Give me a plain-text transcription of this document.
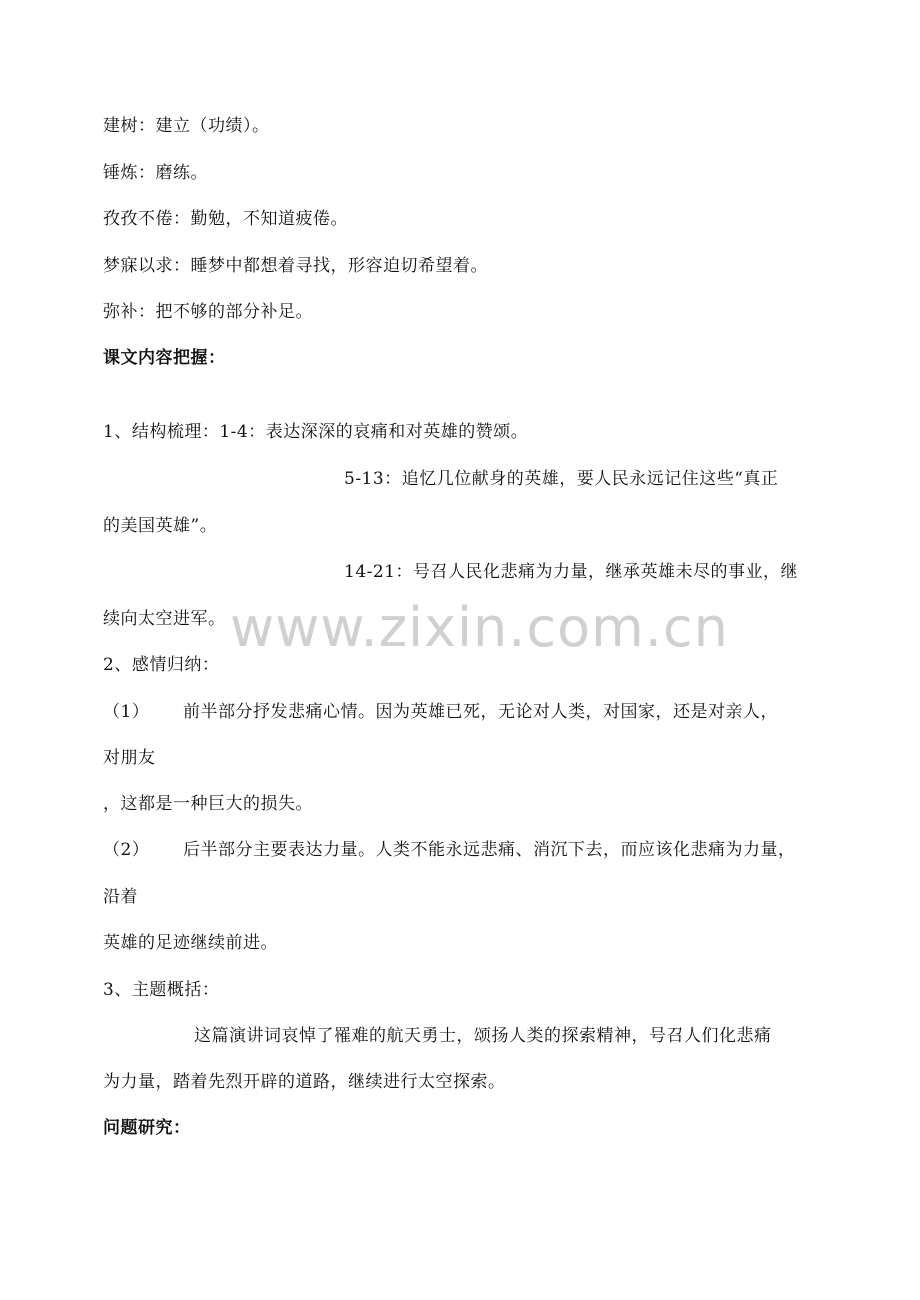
建树：建立（功绩）。
锤炼：磨练。
孜孜不倦：勤勉，不知道疲倦。
梦寐以求：睡梦中都想着寻找，形容迫切希望着。
弥补：把不够的部分补足。
课文内容把握：
1、结构梳理：1-4：表达深深的哀痛和对英雄的赞颂。
5-13：追忆几位献身的英雄，要人民永远记住这些“真正
的美国英雄”。
14-21：号召人民化悲痛为力量，继承英雄未尽的事业，继
续向太空进军。
2、感情归纳：
（1） 前半部分抒发悲痛心情。因为英雄已死，无论对人类，对国家，还是对亲人，
对朋友
，这都是一种巨大的损失。
（2） 后半部分主要表达力量。人类不能永远悲痛、消沉下去，而应该化悲痛为力量，
沿着
英雄的足迹继续前进。
3、主题概括：
这篇演讲词哀悼了罹难的航天勇士，颂扬人类的探索精神，号召人们化悲痛
为力量，踏着先烈开辟的道路，继续进行太空探索。
问题研究：
www.zixin.com.cn
